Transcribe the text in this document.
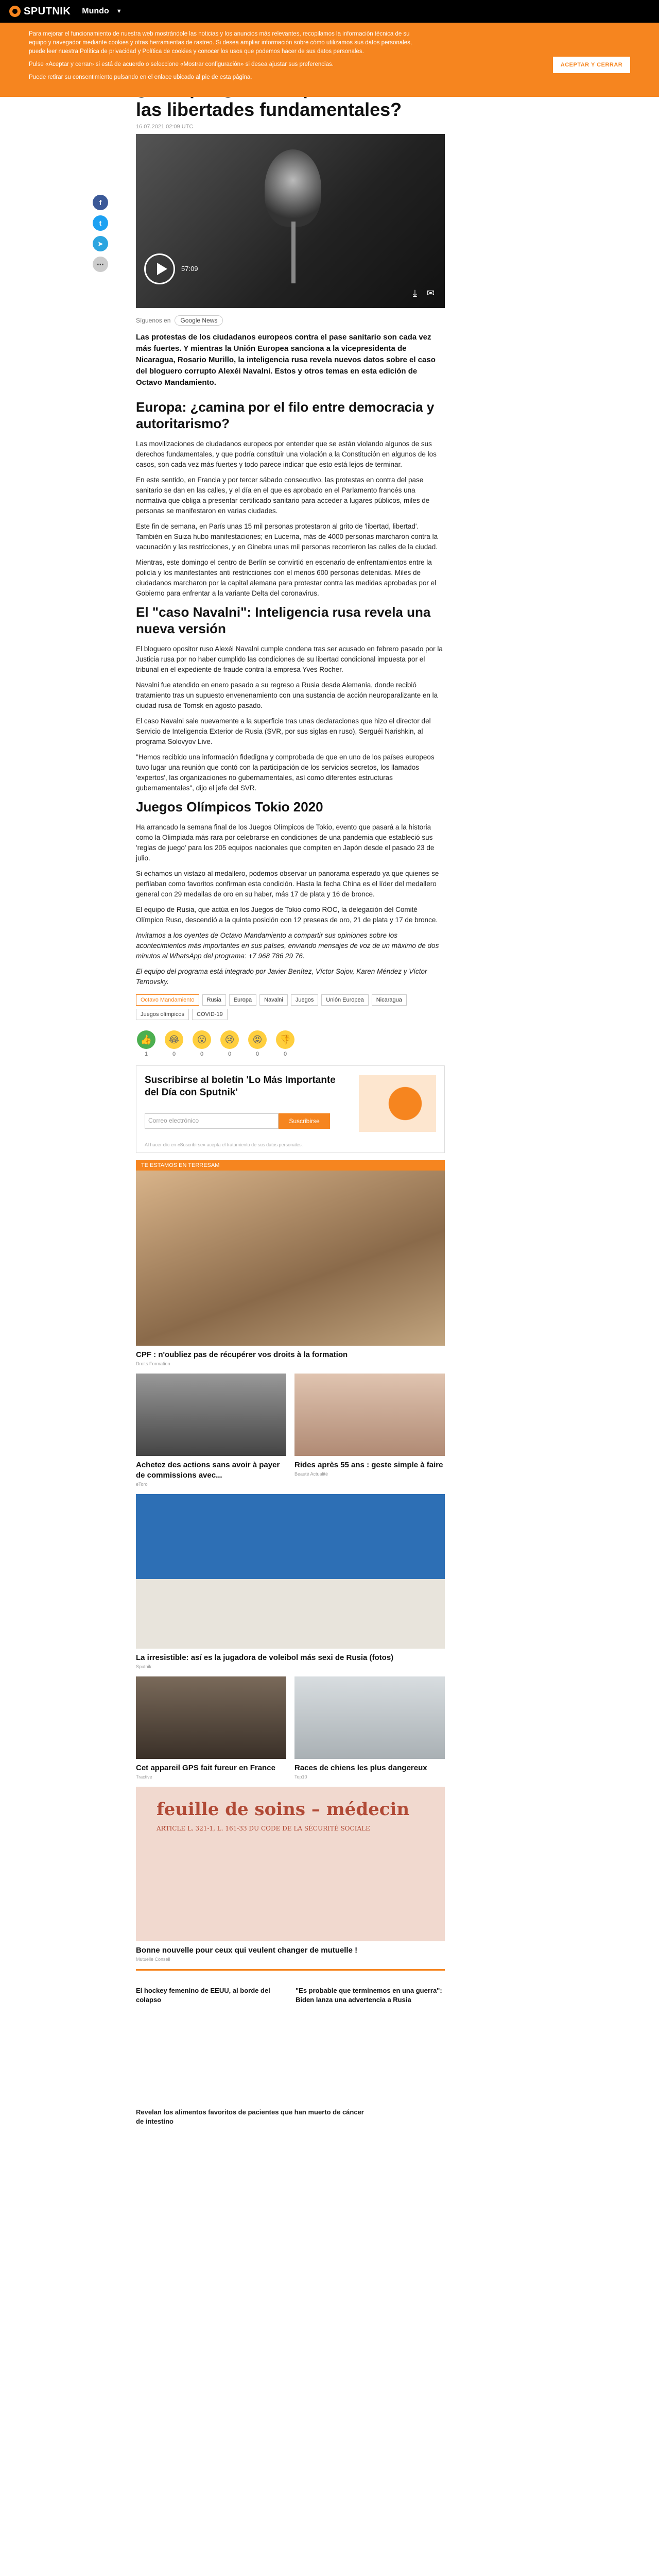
SPUTNIK Mundo ▼

Para mejorar el funcionamiento de nuestra web mostrándole las noticias y los anuncios más relevantes, recopilamos la información técnica de su equipo y navegador mediante cookies y otras herramientas de rastreo. Si desea ampliar información sobre cómo utilizamos sus datos personales, puede leer nuestra Política de privacidad y Política de cookies y conocer los usos que podemos hacer de sus datos personales.

Pulse «Aceptar y cerrar» si está de acuerdo o seleccione «Mostrar configuración» si desea ajustar sus preferencias.

Puede retirar su consentimiento pulsando en el enlace ubicado al pie de esta página.

ACEPTAR Y CERRAR
f
t
➤
⋯
las libertades fundamentales?
16.07.2021 02:09 UTC
57:09
⤓ ✉
Síguenos en	Google News

Las protestas de los ciudadanos europeos contra el pase sanitario son cada vez más fuertes. Y mientras la Unión Europea sanciona a la vicepresidenta de Nicaragua, Rosario Murillo, la inteligencia rusa revela nuevos datos sobre el caso del bloguero corrupto Alexéi Navalni. Estos y otros temas en esta edición de Octavo Mandamiento.

Europa: ¿camina por el filo entre democracia y autoritarismo?

Las movilizaciones de ciudadanos europeos por entender que se están violando algunos de sus derechos fundamentales, y que podría constituir una violación a la Constitución en algunos de los casos, son cada vez más fuertes y todo parece indicar que esto está lejos de terminar.

En este sentido, en Francia y por tercer sábado consecutivo, las protestas en contra del pase sanitario se dan en las calles, y el día en el que es aprobado en el Parlamento francés una normativa que obliga a presentar certificado sanitario para acceder a lugares públicos, miles de personas se manifestaron en varias ciudades.

Este fin de semana, en París unas 15 mil personas protestaron al grito de 'libertad, libertad'. También en Suiza hubo manifestaciones; en Lucerna, más de 4000 personas marcharon contra la vacunación y las restricciones, y en Ginebra unas mil personas recorrieron las calles de la ciudad.

Mientras, este domingo el centro de Berlín se convirtió en escenario de enfrentamientos entre la policía y los manifestantes anti restricciones con el menos 600 personas detenidas. Miles de ciudadanos marcharon por la capital alemana para protestar contra las medidas aprobadas por el Gobierno para enfrentar a la variante Delta del coronavirus.

El "caso Navalni": Inteligencia rusa revela una nueva versión

El bloguero opositor ruso Alexéi Navalni cumple condena tras ser acusado en febrero pasado por la Justicia rusa por no haber cumplido las condiciones de su libertad condicional impuesta por el tribunal en el expediente de fraude contra la empresa Yves Rocher.

Navalni fue atendido en enero pasado a su regreso a Rusia desde Alemania, donde recibió tratamiento tras un supuesto envenenamiento con una sustancia de acción neuroparalizante en la ciudad rusa de Tomsk en agosto pasado.

El caso Navalni sale nuevamente a la superficie tras unas declaraciones que hizo el director del Servicio de Inteligencia Exterior de Rusia (SVR, por sus siglas en ruso), Serguéi Narishkin, al programa Solovyov Live.

"Hemos recibido una información fidedigna y comprobada de que en uno de los países europeos tuvo lugar una reunión que contó con la participación de los servicios secretos, los llamados 'expertos', las organizaciones no gubernamentales, así como diferentes estructuras gubernamentales", dijo el jefe del SVR.

Juegos Olímpicos Tokio 2020

Ha arrancado la semana final de los Juegos Olímpicos de Tokio, evento que pasará a la historia como la Olimpiada más rara por celebrarse en condiciones de una pandemia que estableció sus 'reglas de juego' para los 205 equipos nacionales que compiten en Japón desde el pasado 23 de julio.

Si echamos un vistazo al medallero, podemos observar un panorama esperado ya que quienes se perfilaban como favoritos confirman esta condición. Hasta la fecha China es el líder del medallero general con 29 medallas de oro en su haber, más 17 de plata y 16 de bronce.

El equipo de Rusia, que actúa en los Juegos de Tokio como ROC, la delegación del Comité Olímpico Ruso, descendió a la quinta posición con 12 preseas de oro, 21 de plata y 17 de bronce.

Invitamos a los oyentes de Octavo Mandamiento a compartir sus opiniones sobre los acontecimientos más importantes en sus países, enviando mensajes de voz de un máximo de dos minutos al WhatsApp del programa: +7 968 786 29 76.

El equipo del programa está integrado por Javier Benítez, Víctor Sojov, Karen Méndez y Víctor Ternovsky.

Octavo Mandamiento	Rusia	Europa	Navalni	Juegos	Unión Europea	Nicaragua
Juegos olímpicos	COVID-19
👍
1
😂
0
😮
0
😢
0
😡
0
👎
0
Suscribirse al boletín 'Lo Más Importante del Día con Sputnik'
Correo electrónico	Suscribirse
Al hacer clic en «Suscribirse» acepta el tratamiento de sus datos personales.
TE ESTAMOS EN TERRESAM
CPF : n'oubliez pas de récupérer vos droits à la formation
Droits Formation
Achetez des actions sans avoir à payer de commissions avec...
eToro
Rides après 55 ans : geste simple à faire
Beauté Actualité
La irresistible: así es la jugadora de voleibol más sexi de Rusia (fotos)
Sputnik
Cet appareil GPS fait fureur en France
Tractive
Races de chiens les plus dangereux
Top10
feuille de soins – médecin
ARTICLE L. 321-1, L. 161-33 DU CODE DE LA SÉCURITÉ SOCIALE
Bonne nouvelle pour ceux qui veulent changer de mutuelle !
Mutuelle Conseil
El hockey femenino de EEUU, al borde del colapso
"Es probable que terminemos en una guerra": Biden lanza una advertencia a Rusia
Revelan los alimentos favoritos de pacientes que han muerto de cáncer de intestino
